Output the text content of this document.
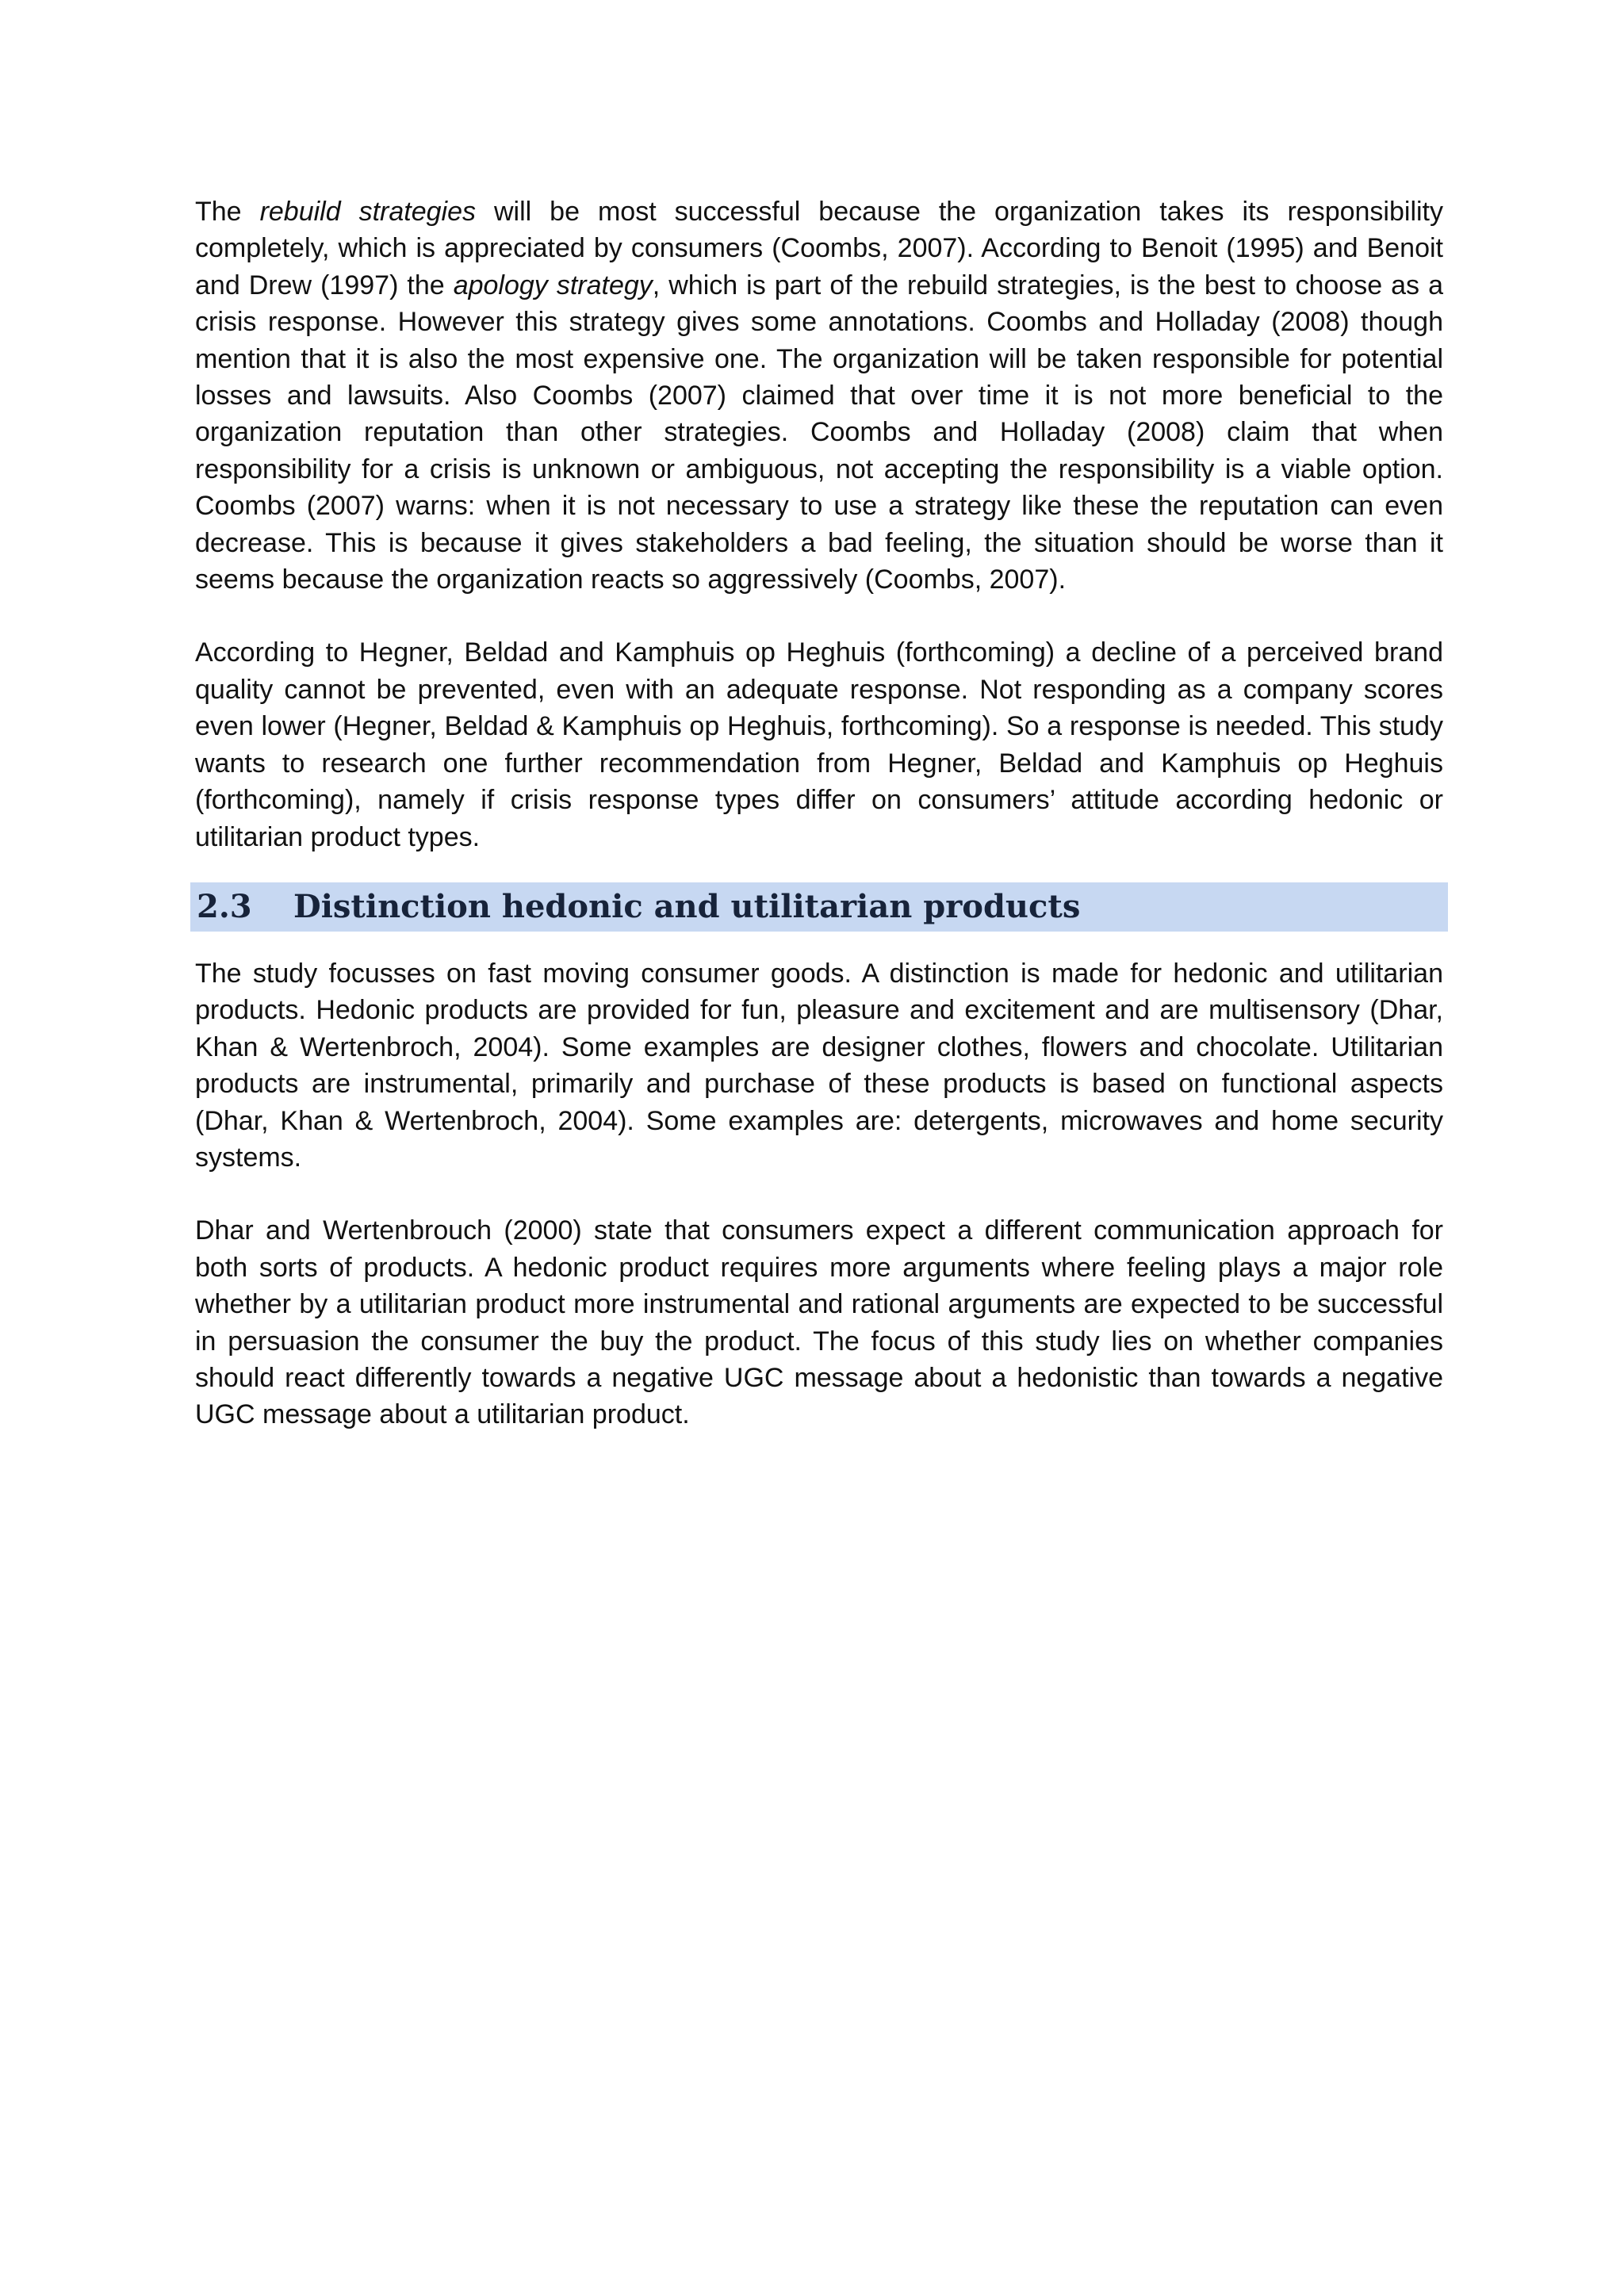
The rebuild strategies will be most successful because the organization takes its responsibility completely, which is appreciated by consumers (Coombs, 2007). According to Benoit (1995) and Benoit and Drew (1997) the apology strategy, which is part of the rebuild strategies, is the best to choose as a crisis response. However this strategy gives some annotations. Coombs and Holladay (2008) though mention that it is also the most expensive one. The organization will be taken responsible for potential losses and lawsuits. Also Coombs (2007) claimed that over time it is not more beneficial to the organization reputation than other strategies. Coombs and Holladay (2008) claim that when responsibility for a crisis is unknown or ambiguous, not accepting the responsibility is a viable option. Coombs (2007) warns: when it is not necessary to use a strategy like these the reputation can even decrease. This is because it gives stakeholders a bad feeling, the situation should be worse than it seems because the organization reacts so aggressively (Coombs, 2007).

According to Hegner, Beldad and Kamphuis op Heghuis (forthcoming) a decline of a perceived brand quality cannot be prevented, even with an adequate response. Not responding as a company scores even lower (Hegner, Beldad & Kamphuis op Heghuis, forthcoming). So a response is needed. This study wants to research one further recommendation from Hegner, Beldad and Kamphuis op Heghuis (forthcoming), namely if crisis response types differ on consumers’ attitude according hedonic or utilitarian product types.

2.3	Distinction hedonic and utilitarian products

The study focusses on fast moving consumer goods. A distinction is made for hedonic and utilitarian products. Hedonic products are provided for fun, pleasure and excitement and are multisensory (Dhar, Khan & Wertenbroch, 2004). Some examples are designer clothes, flowers and chocolate. Utilitarian products are instrumental, primarily and purchase of these products is based on functional aspects (Dhar, Khan & Wertenbroch, 2004). Some examples are: detergents, microwaves and home security systems.

Dhar and Wertenbrouch (2000) state that consumers expect a different communication approach for both sorts of products. A hedonic product requires more arguments where feeling plays a major role whether by a utilitarian product more instrumental and rational arguments are expected to be successful in persuasion the consumer the buy the product. The focus of this study lies on whether companies should react differently towards a negative UGC message about a hedonistic than towards a negative UGC message about a utilitarian product.
